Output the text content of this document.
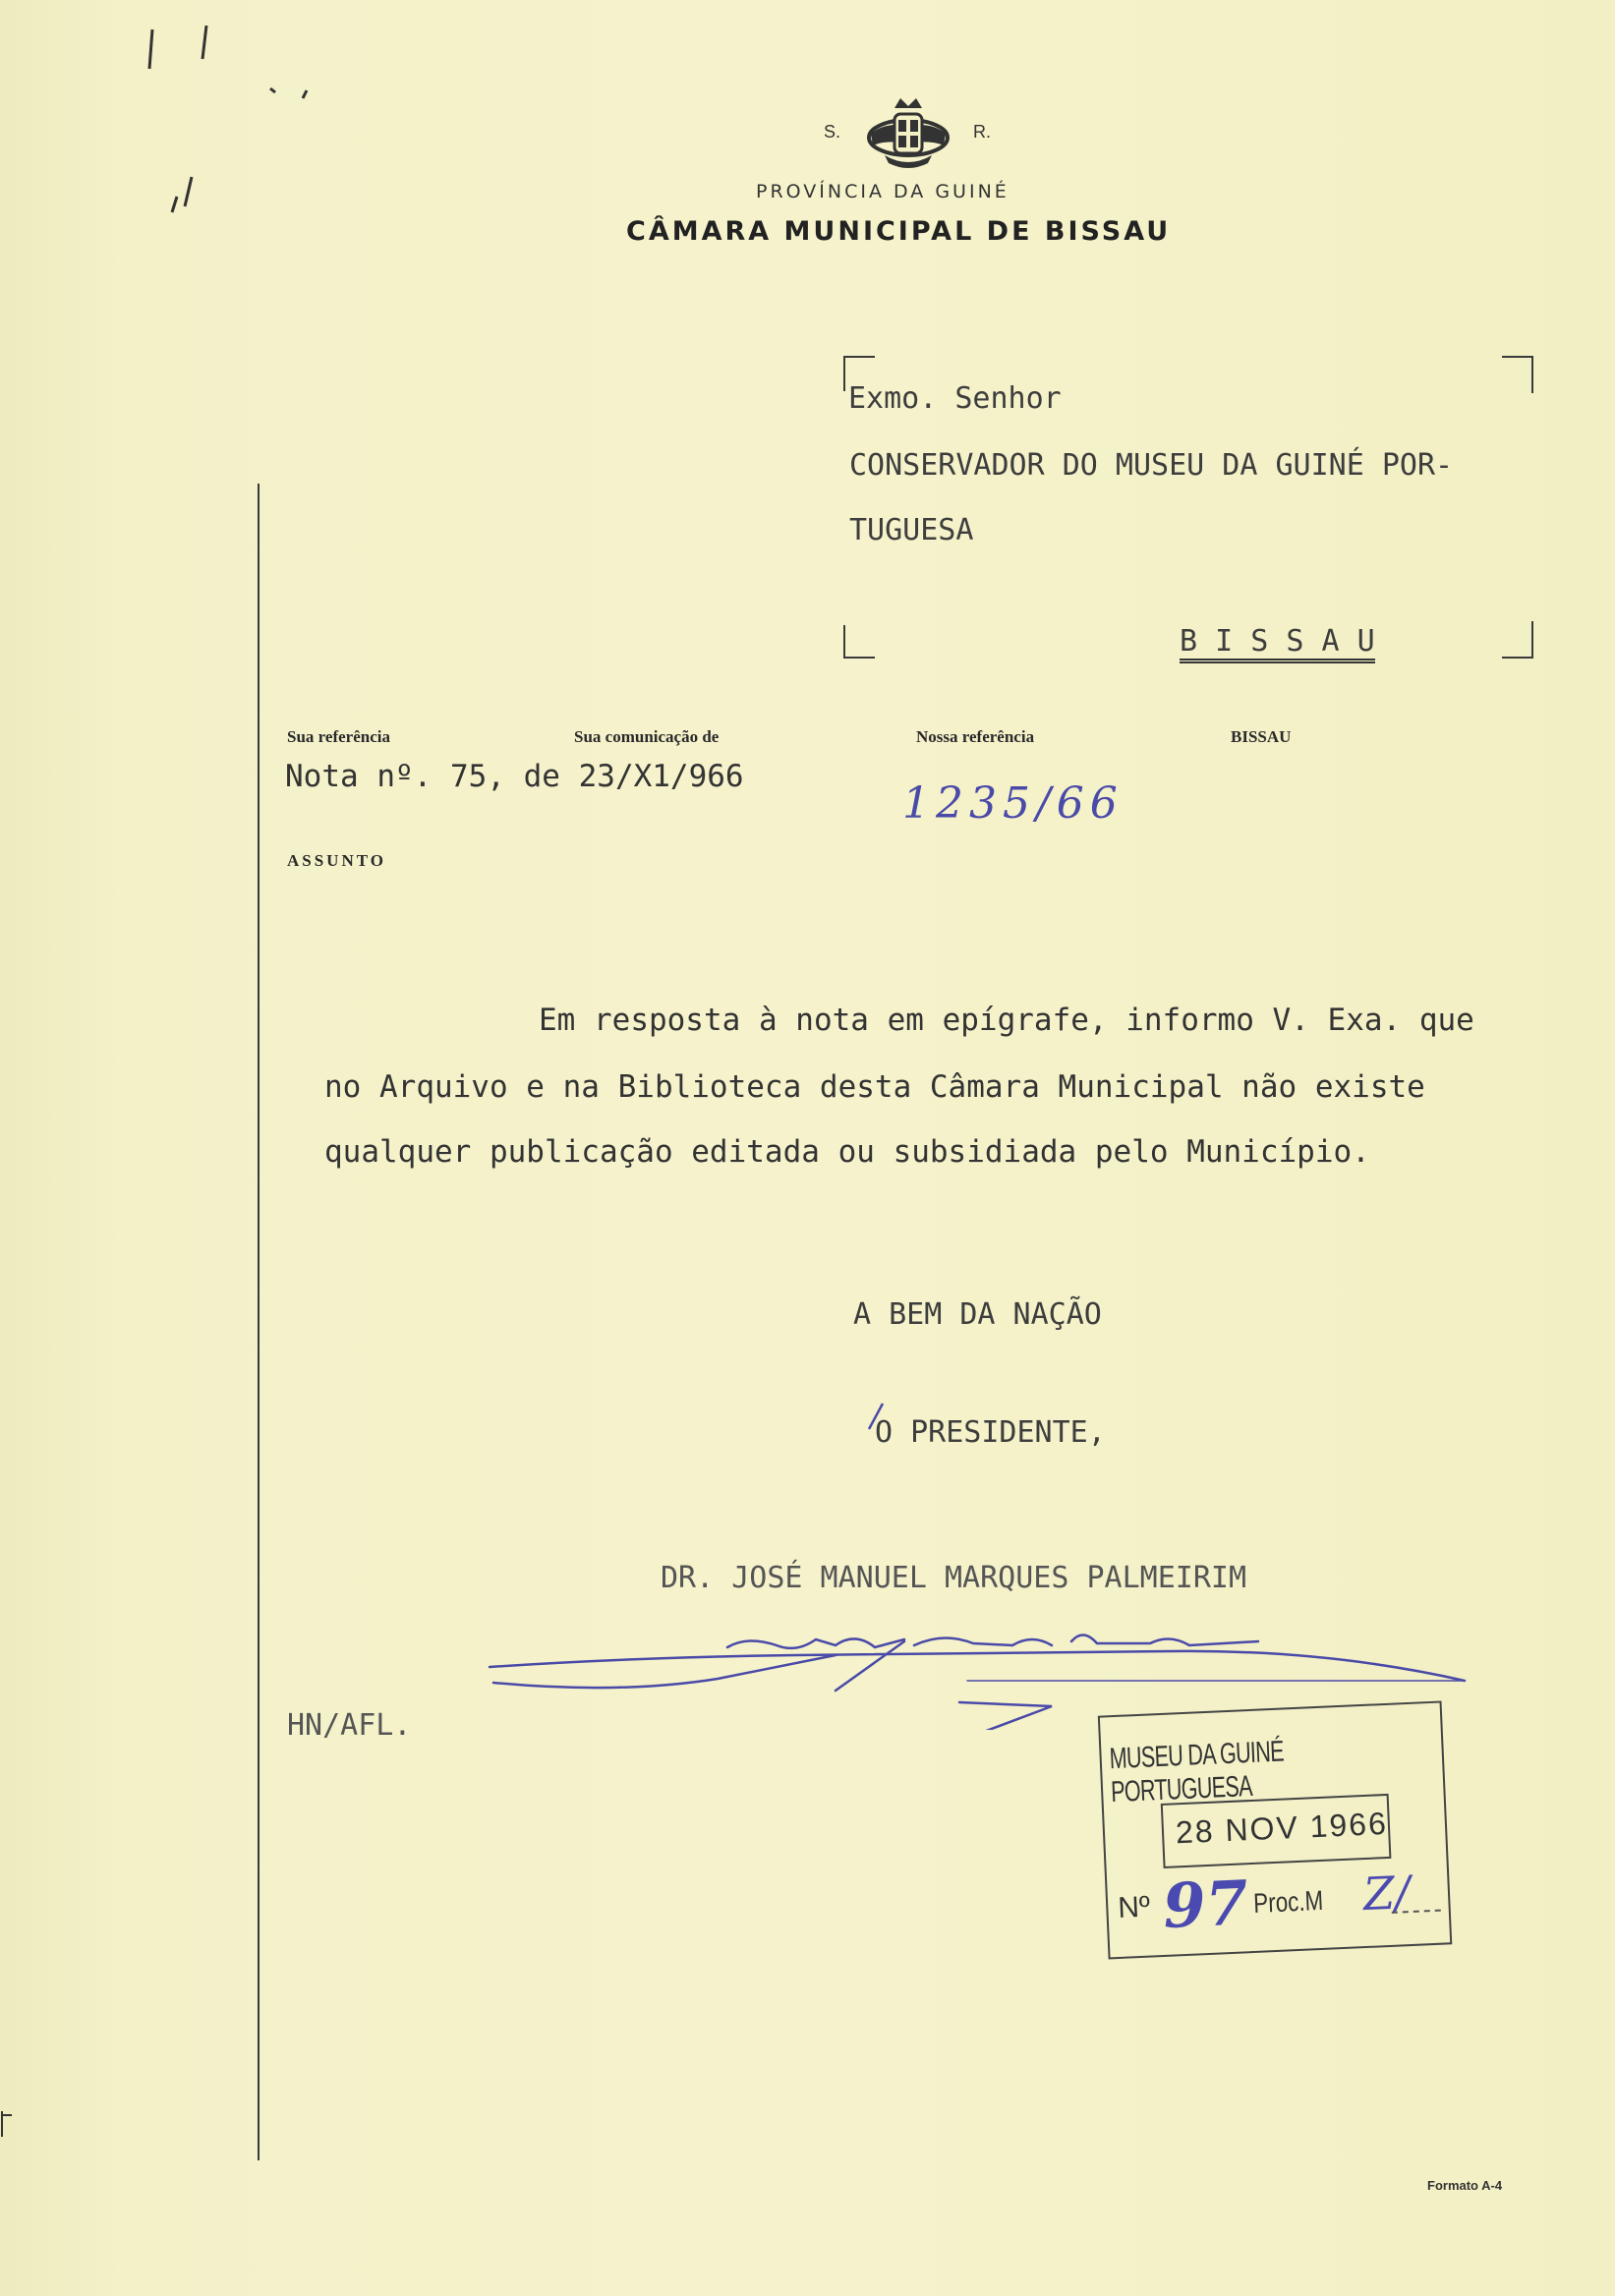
S.	R.
PROVÍNCIA DA GUINÉ
CÂMARA MUNICIPAL DE BISSAU
Exmo. Senhor
CONSERVADOR DO MUSEU DA GUINÉ POR-
TUGUESA
B I S S A U
Sua referência	Sua comunicação de	Nossa referência	BISSAU
Nota nº. 75, de 23/X1/966
1235/66
ASSUNTO
Em resposta à nota em epígrafe, informo V. Exa. que
no Arquivo e na Biblioteca desta Câmara Municipal não existe
qualquer publicação editada ou subsidiada pelo Município.
A BEM DA NAÇÃO
O PRESIDENTE,
DR. JOSÉ MANUEL MARQUES PALMEIRIM
HN/AFL.
MUSEU DA GUINÉ PORTUGUESA
28 NOV 1966
Nº 97 Proc.M Z/
Formato A-4
